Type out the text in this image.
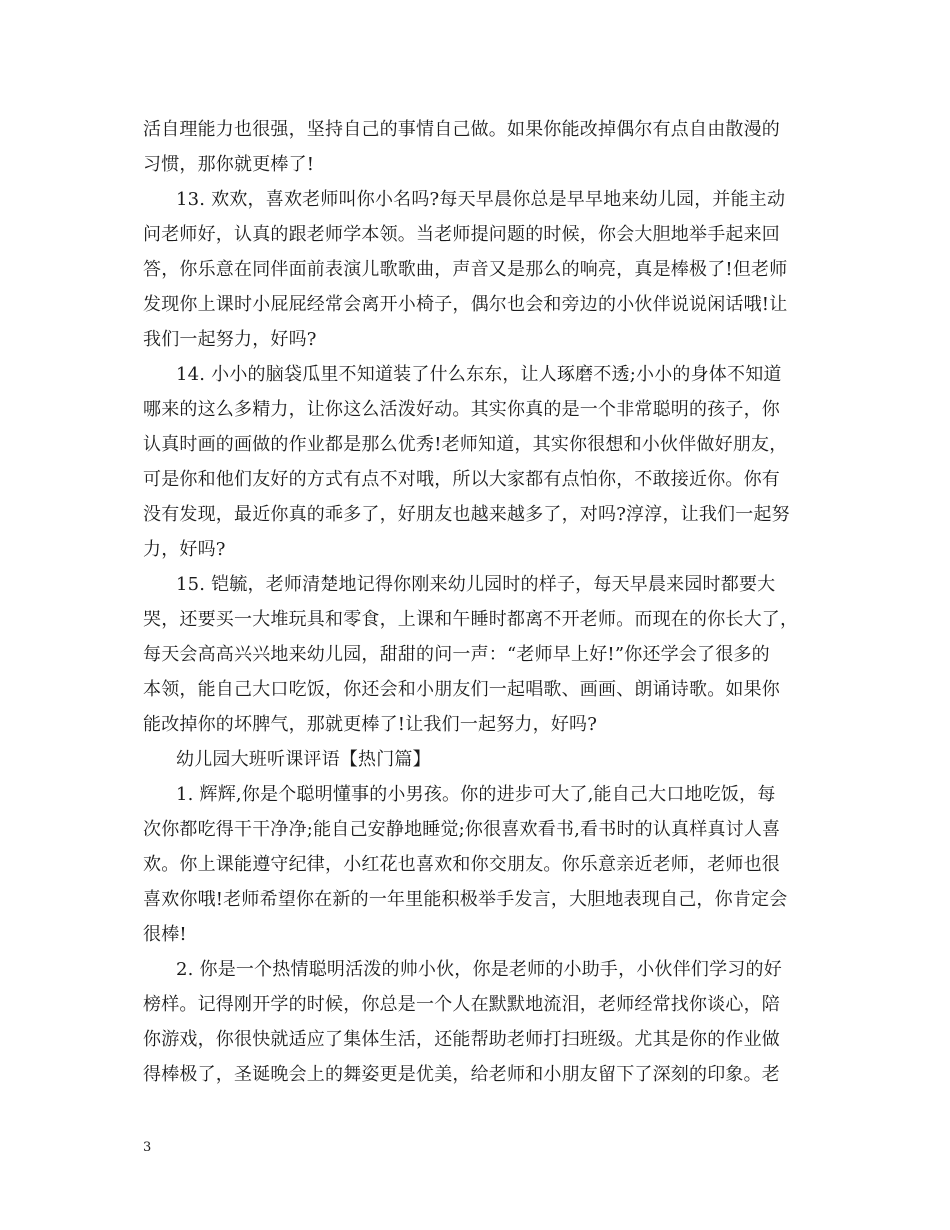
活自理能力也很强，坚持自己的事情自己做。如果你能改掉偶尔有点自由散漫的
习惯，那你就更棒了!
13. 欢欢，喜欢老师叫你小名吗?每天早晨你总是早早地来幼儿园，并能主动
问老师好，认真的跟老师学本领。当老师提问题的时候，你会大胆地举手起来回
答，你乐意在同伴面前表演儿歌歌曲，声音又是那么的响亮，真是棒极了!但老师
发现你上课时小屁屁经常会离开小椅子，偶尔也会和旁边的小伙伴说说闲话哦!让
我们一起努力，好吗?
14. 小小的脑袋瓜里不知道装了什么东东，让人琢磨不透;小小的身体不知道
哪来的这么多精力，让你这么活泼好动。其实你真的是一个非常聪明的孩子，你
认真时画的画做的作业都是那么优秀!老师知道，其实你很想和小伙伴做好朋友，
可是你和他们友好的方式有点不对哦，所以大家都有点怕你，不敢接近你。你有
没有发现，最近你真的乖多了，好朋友也越来越多了，对吗?淳淳，让我们一起努
力，好吗?
15. 铠毓，老师清楚地记得你刚来幼儿园时的样子，每天早晨来园时都要大
哭，还要买一大堆玩具和零食，上课和午睡时都离不开老师。而现在的你长大了，
每天会高高兴兴地来幼儿园，甜甜的问一声：“老师早上好!”你还学会了很多的
本领，能自己大口吃饭，你还会和小朋友们一起唱歌、画画、朗诵诗歌。如果你
能改掉你的坏脾气，那就更棒了!让我们一起努力，好吗?
幼儿园大班听课评语【热门篇】
1. 辉辉,你是个聪明懂事的小男孩。你的进步可大了,能自己大口地吃饭，每
次你都吃得干干净净;能自己安静地睡觉;你很喜欢看书,看书时的认真样真讨人喜
欢。你上课能遵守纪律，小红花也喜欢和你交朋友。你乐意亲近老师，老师也很
喜欢你哦!老师希望你在新的一年里能积极举手发言，大胆地表现自己，你肯定会
很棒!
2. 你是一个热情聪明活泼的帅小伙，你是老师的小助手，小伙伴们学习的好
榜样。记得刚开学的时候，你总是一个人在默默地流泪，老师经常找你谈心，陪
你游戏，你很快就适应了集体生活，还能帮助老师打扫班级。尤其是你的作业做
得棒极了，圣诞晚会上的舞姿更是优美，给老师和小朋友留下了深刻的印象。老
3
